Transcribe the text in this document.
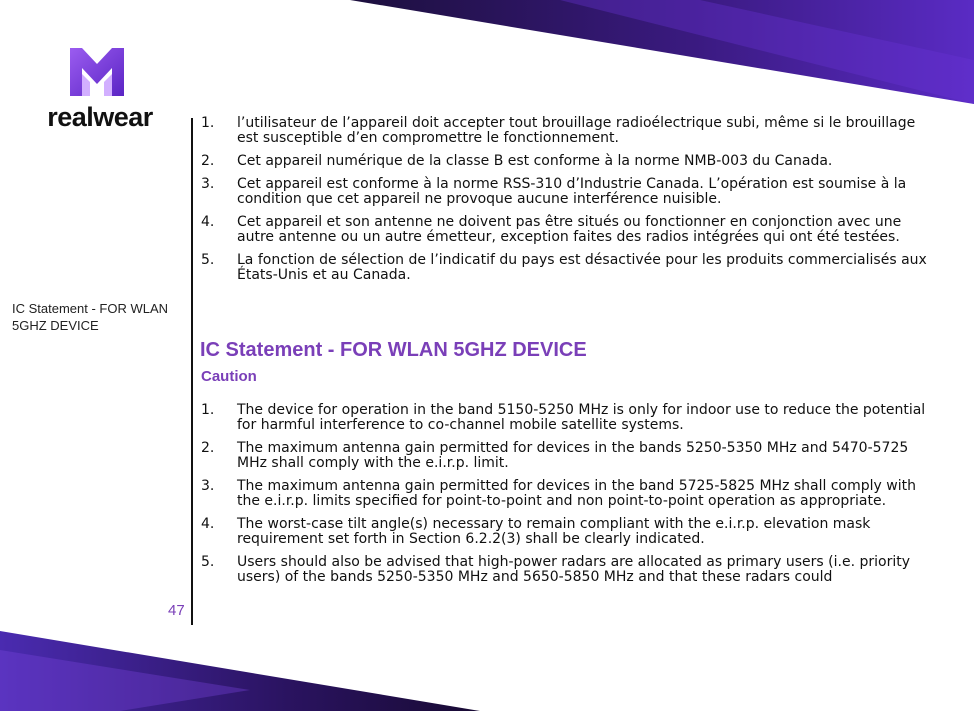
realwear
IC Statement - FOR WLAN 5GHZ DEVICE
47
1. l’utilisateur de l’appareil doit accepter tout brouillage radioélectrique subi, même si le brouillage est susceptible d’en compromettre le fonctionnement.
2. Cet appareil numérique de la classe B est conforme à la norme NMB-003 du Canada.
3. Cet appareil est conforme à la norme RSS-310 d’Industrie Canada. L’opération est soumise à la condition que cet appareil ne provoque aucune interférence nuisible.
4. Cet appareil et son antenne ne doivent pas être situés ou fonctionner en conjonction avec une autre antenne ou un autre émetteur, exception faites des radios intégrées qui ont été testées.
5. La fonction de sélection de l’indicatif du pays est désactivée pour les produits commercialisés aux États-Unis et au Canada.
IC Statement - FOR WLAN 5GHZ DEVICE
Caution
1. The device for operation in the band 5150-5250 MHz is only for indoor use to reduce the potential for harmful interference to co-channel mobile satellite systems.
2. The maximum antenna gain permitted for devices in the bands 5250-5350 MHz and 5470-5725 MHz shall comply with the e.i.r.p. limit.
3. The maximum antenna gain permitted for devices in the band 5725-5825 MHz shall comply with the e.i.r.p. limits specified for point-to-point and non point-to-point operation as appropriate.
4. The worst-case tilt angle(s) necessary to remain compliant with the e.i.r.p. elevation mask requirement set forth in Section 6.2.2(3) shall be clearly indicated.
5. Users should also be advised that high-power radars are allocated as primary users (i.e. priority users) of the bands 5250-5350 MHz and 5650-5850 MHz and that these radars could
